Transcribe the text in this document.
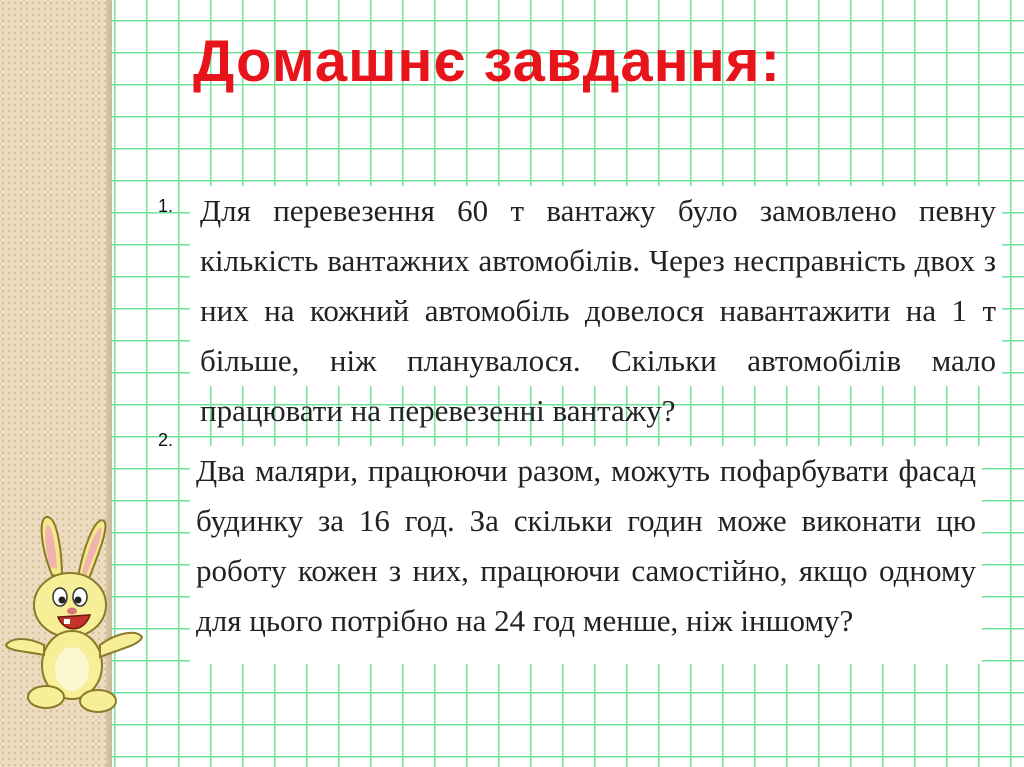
Домашнє завдання:
1. Для перевезення 60 т вантажу було замовлено певну кількість вантажних автомобілів. Через несправність двох з них на кожний автомобіль довелося навантажити на 1 т більше, ніж планувалося. Скільки автомобілів мало працювати на перевезенні вантажу?
2.
Два маляри, працюючи разом, можуть пофарбувати фасад будинку за 16 год. За скільки годин може виконати цю роботу кожен з них, працюючи самостійно, якщо одному для цього потрібно на 24 год менше, ніж іншому?
